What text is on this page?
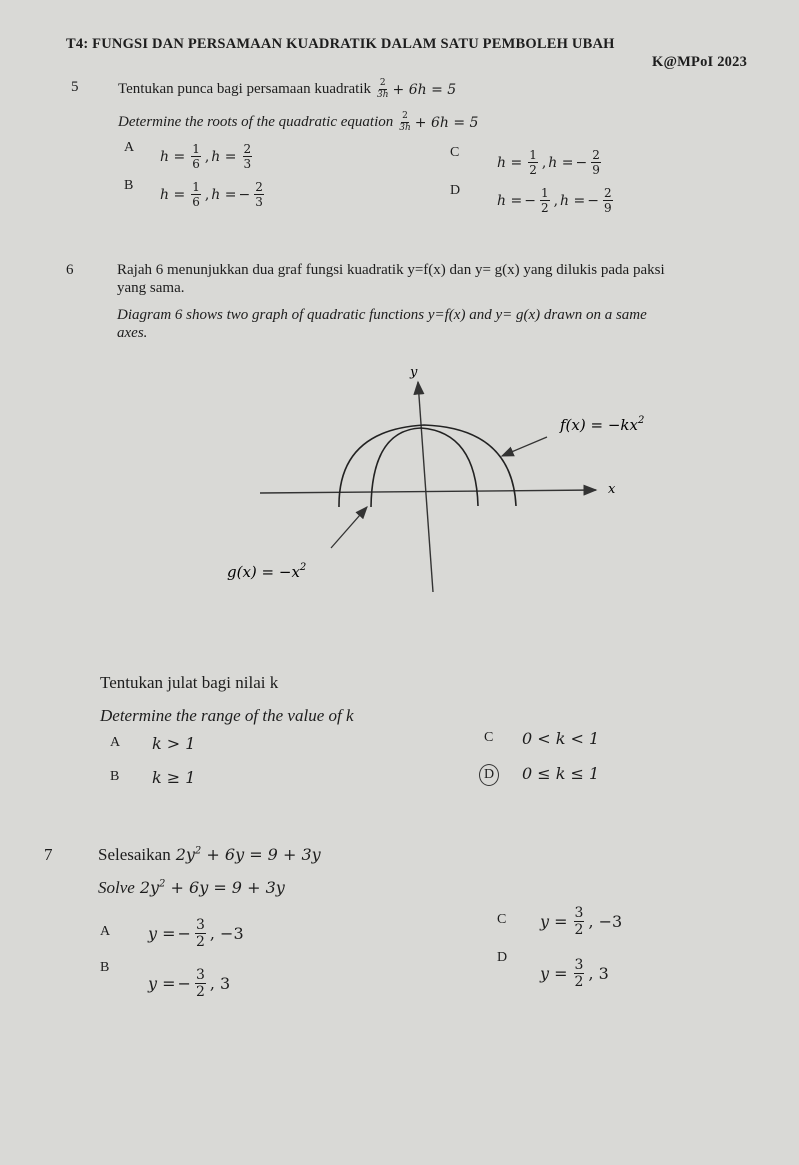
T4: FUNGSI DAN PERSAMAAN KUADRATIK DALAM SATU PEMBOLEH UBAH
K@MPoI 2023
5	Tentukan punca bagi persamaan kuadratik $\frac{2}{3h} + 6h = 5$
Determine the roots of the quadratic equation $\frac{2}{3h} + 6h = 5$
A
$h = \frac{1}{6}$ , $h = \frac{2}{3}$
B
$h = \frac{1}{6}$ , h = − $\frac{2}{3}$
C
$h = \frac{1}{2}$ , h = − $\frac{2}{9}$
D
h = − $\frac{1}{2}$ , h = − $\frac{2}{9}$
6	Rajah 6 menunjukkan dua graf fungsi kuadratik y=f(x) dan y= g(x) yang dilukis pada paksi
yang sama.
Diagram 6 shows two graph of quadratic functions y=f(x) and y= g(x) drawn on a same
axes.
y
x
$f(x) = -kx^2$
$g(x) = -x^2$
Tentukan julat bagi nilai k
Determine the range of the value of k
A k > 1
B k ≥ 1
C 0 < k < 1
D	0 ≤ k ≤ 1
7	Selesaikan $2y^2 + 6y = 9 + 3y$
Solve $2y^2 + 6y = 9 + 3y$
A y = − $\frac{3}{2}$ , −3
B
y = − $\frac{3}{2}$ , 3
C $y = \frac{3}{2}$ , −3
D
$y = \frac{3}{2}$ , 3
